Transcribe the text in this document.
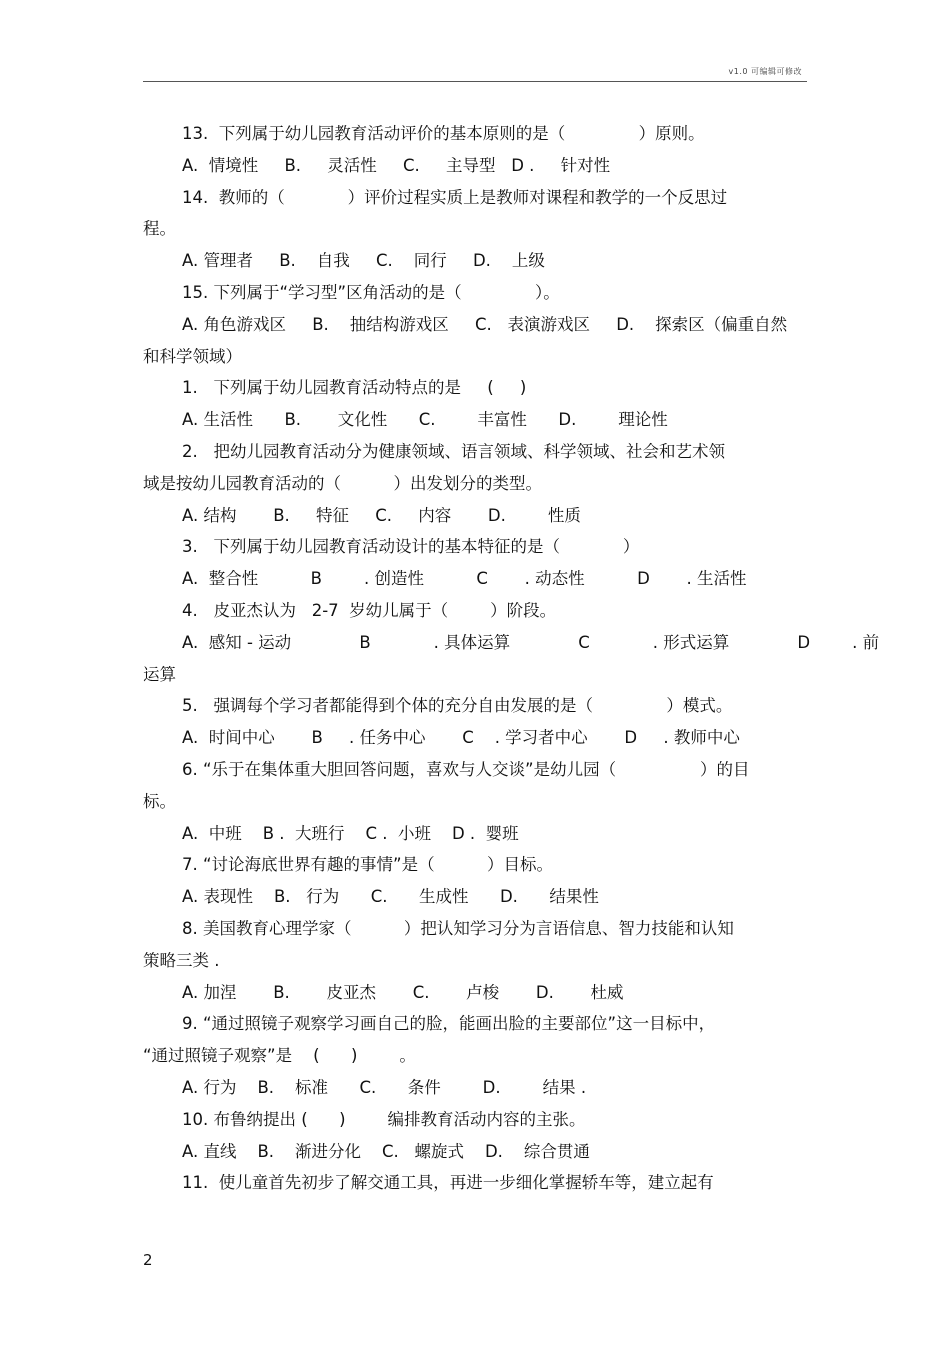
v1.0 可编辑可修改
13.  下列属于幼儿园教育活动评价的基本原则的是（              ）原则。
A.  情境性     B.     灵活性     C.     主导型   D .     针对性
14.  教师的（            ）评价过程实质上是教师对课程和教学的一个反思过
程。
A. 管理者     B.    自我     C.    同行     D.    上级
15. 下列属于“学习型”区角活动的是（              ）。
A. 角色游戏区     B.    抽结构游戏区     C.   表演游戏区     D.    探索区（偏重自然
和科学领域）
1.   下列属于幼儿园教育活动特点的是     (     )
A. 生活性      B.       文化性      C.        丰富性      D.        理论性
2.   把幼儿园教育活动分为健康领域、语言领域、科学领域、社会和艺术领
域是按幼儿园教育活动的（          ）出发划分的类型。
A. 结构       B.     特征     C.     内容       D.        性质
3.   下列属于幼儿园教育活动设计的基本特征的是（            ）
A.  整合性          B        . 创造性          C       . 动态性          D       . 生活性
4.   皮亚杰认为   2-7  岁幼儿属于（        ）阶段。
A.  感知 - 运动             B            . 具体运算             C            . 形式运算             D        . 前
运算
5.   强调每个学习者都能得到个体的充分自由发展的是（              ）模式。
A.  时间中心       B     . 任务中心       C    . 学习者中心       D     . 教师中心
6. “乐于在集体重大胆回答问题，喜欢与人交谈”是幼儿园（                ）的目
标。
A.  中班    B .  大班行    C .  小班    D .  婴班
7. “讨论海底世界有趣的事情”是（          ）目标。
A. 表现性    B.   行为      C.      生成性      D.      结果性
8. 美国教育心理学家（          ）把认知学习分为言语信息、智力技能和认知
策略三类 .
A. 加涅       B.       皮亚杰       C.       卢梭       D.       杜威
9. “通过照镜子观察学习画自己的脸，能画出脸的主要部位”这一目标中，
“通过照镜子观察”是    (      )        。
A. 行为    B.    标准      C.      条件        D.        结果 .
10. 布鲁纳提出 (      )        编排教育活动内容的主张。
A. 直线    B.    渐进分化    C.   螺旋式    D.    综合贯通
11.  使儿童首先初步了解交通工具，再进一步细化掌握轿车等，建立起有
2
